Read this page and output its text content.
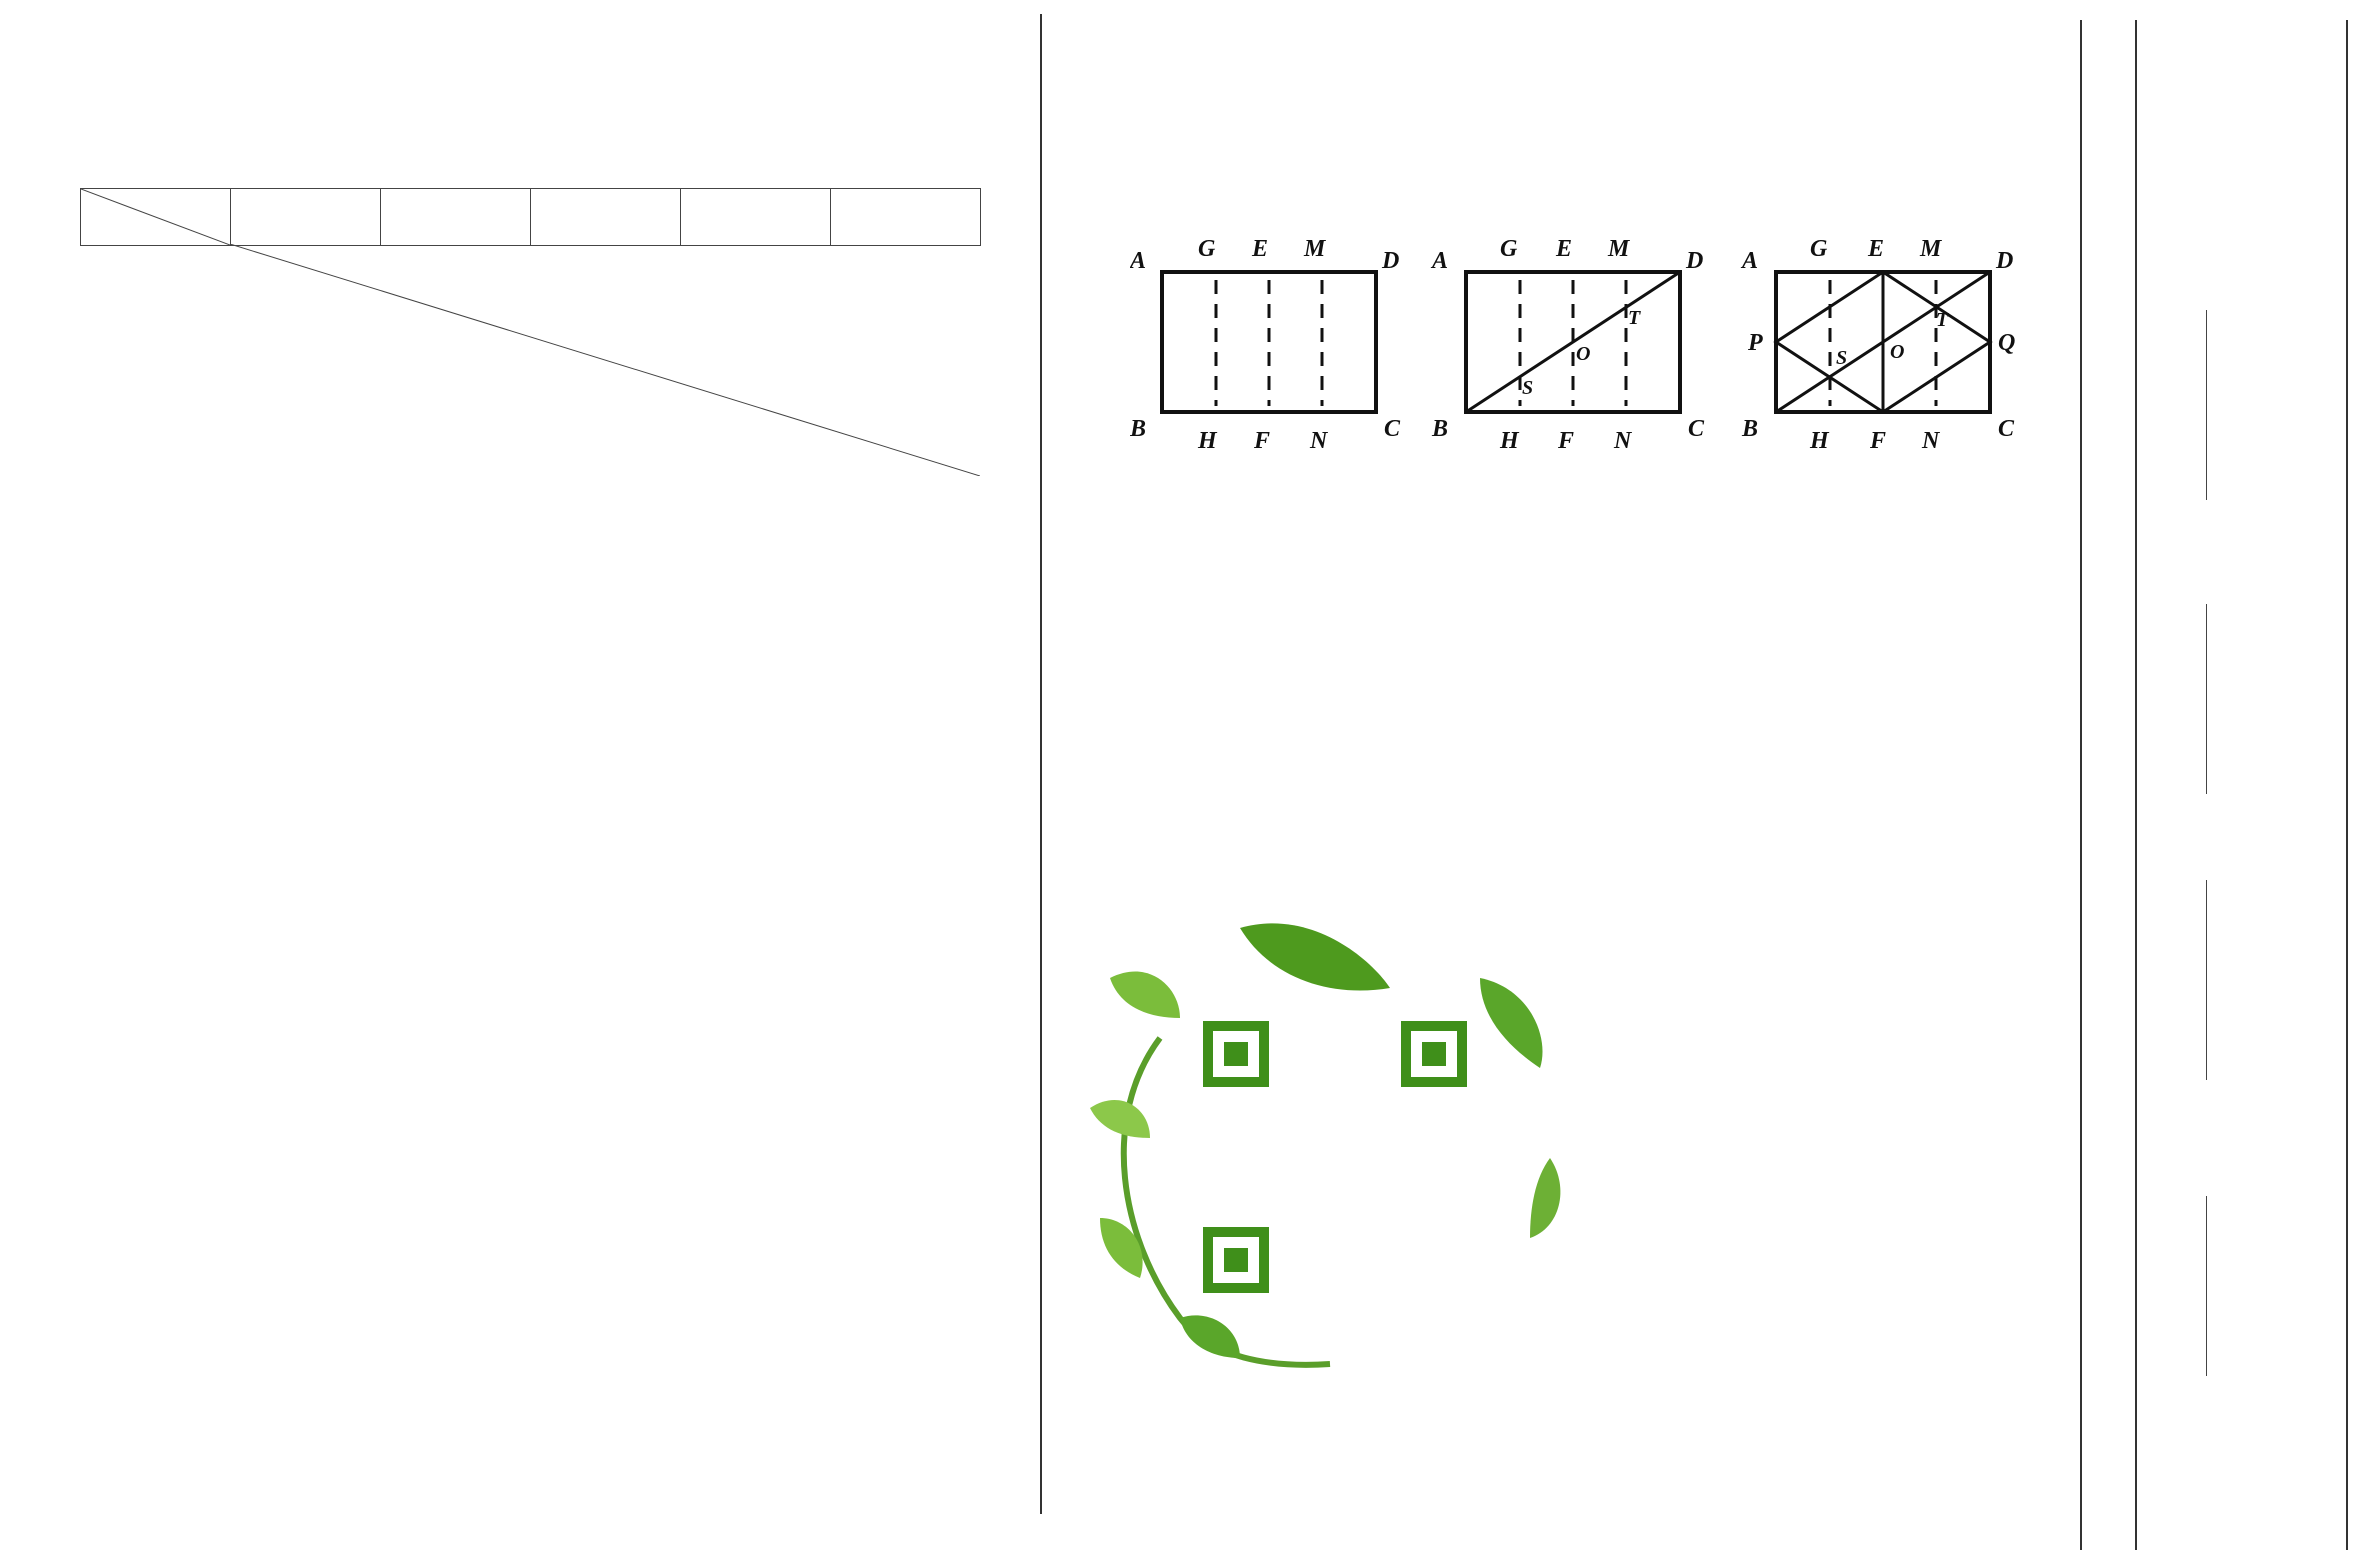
A G E M D
B H F N C
A G E M D
B H F N C
S
O
T
A G E M D
B H F N C
P	Q
S O
T
